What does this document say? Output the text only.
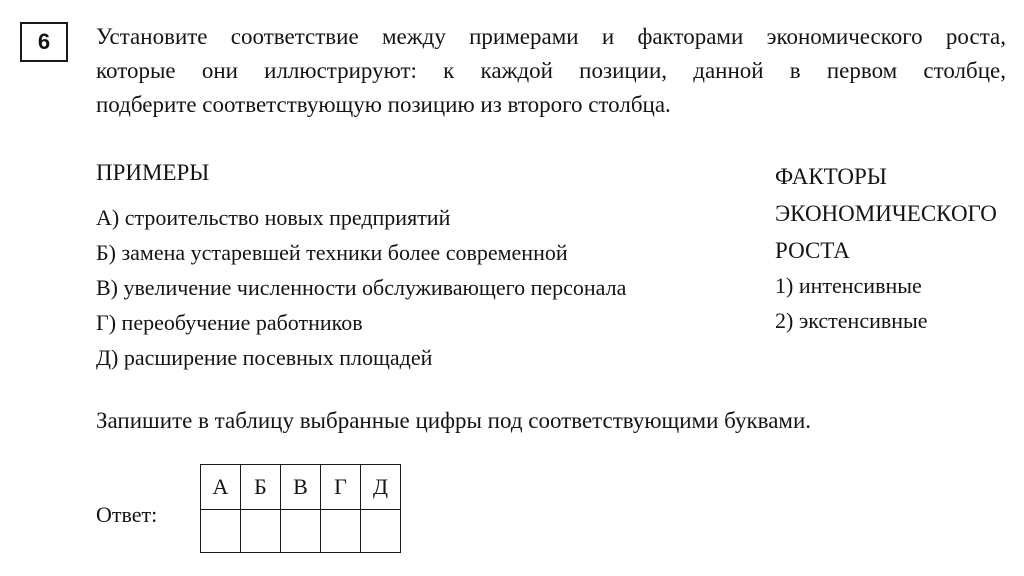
6 Установите соответствие между примерами и факторами экономического роста,
которые они иллюстрируют: к каждой позиции, данной в первом столбце,
подберите соответствующую позицию из второго столбца.
ПРИМЕРЫ
А) строительство новых предприятий
Б) замена устаревшей техники более современной
В) увеличение численности обслуживающего персонала
Г) переобучение работников
Д) расширение посевных площадей
ФАКТОРЫ
ЭКОНОМИЧЕСКОГО
РОСТА
1) интенсивные
2) экстенсивные
Запишите в таблицу выбранные цифры под соответствующими буквами.
Ответ:
А	Б	В	Г	Д
